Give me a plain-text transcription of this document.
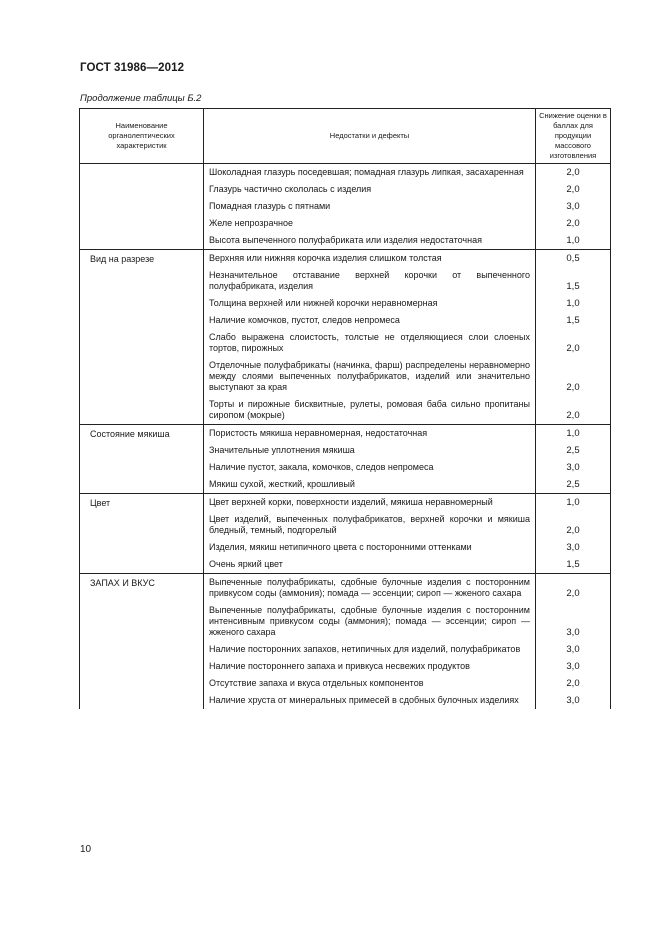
ГОСТ 31986—2012
Продолжение таблицы Б.2
Наименование органолептических характеристик	Недостатки и дефекты	Снижение оценки в баллах для продукции массового изготовления
	Шоколадная глазурь поседевшая; помадная глазурь липкая, засахаренная	2,0
	Глазурь частично скололась с изделия	2,0
	Помадная глазурь с пятнами	3,0
	Желе непрозрачное	2,0
	Высота выпеченного полуфабриката или изделия недостаточная	1,0
Вид на разрезе	Верхняя или нижняя корочка изделия слишком толстая	0,5
	Незначительное отставание верхней корочки от выпеченного полуфабриката, изделия	1,5
	Толщина верхней или нижней корочки неравномерная	1,0
	Наличие комочков, пустот, следов непромеса	1,5
	Слабо выражена слоистость, толстые не отделяющиеся слои слоеных тортов, пирожных	2,0
	Отделочные полуфабрикаты (начинка, фарш) распределены неравномерно между слоями выпеченных полуфабрикатов, изделий или значительно выступают за края	2,0
	Торты и пирожные бисквитные, рулеты, ромовая баба сильно пропитаны сиропом (мокрые)	2,0
Состояние мякиша	Пористость мякиша неравномерная, недостаточная	1,0
	Значительные уплотнения мякиша	2,5
	Наличие пустот, закала, комочков, следов непромеса	3,0
	Мякиш сухой, жесткий, крошливый	2,5
Цвет	Цвет верхней корки, поверхности изделий, мякиша неравномерный	1,0
	Цвет изделий, выпеченных полуфабрикатов, верхней корочки и мякиша бледный, темный, подгорелый	2,0
	Изделия, мякиш нетипичного цвета с посторонними оттенками	3,0
	Очень яркий цвет	1,5
ЗАПАХ И ВКУС	Выпеченные полуфабрикаты, сдобные булочные изделия с посторонним привкусом соды (аммония); помада — эссенции; сироп — жженого сахара	2,0
	Выпеченные полуфабрикаты, сдобные булочные изделия с посторонним интенсивным привкусом соды (аммония); помада — эссенции; сироп — жженого сахара	3,0
	Наличие посторонних запахов, нетипичных для изделий, полуфабрикатов	3,0
	Наличие постороннего запаха и привкуса несвежих продуктов	3,0
	Отсутствие запаха и вкуса отдельных компонентов	2,0
	Наличие хруста от минеральных примесей в сдобных булочных изделиях	3,0
10
